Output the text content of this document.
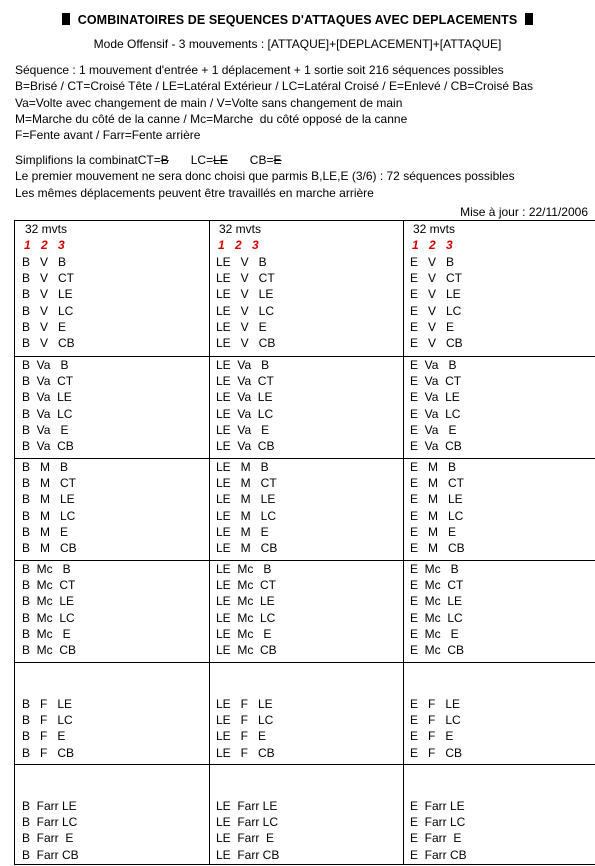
COMBINATOIRES DE SEQUENCES D'ATTAQUES AVEC DEPLACEMENTS
Mode Offensif - 3 mouvements : [ATTAQUE]+[DEPLACEMENT]+[ATTAQUE]
Séquence : 1 mouvement d'entrée + 1 déplacement + 1 sortie soit 216 séquences possibles
B=Brisé / CT=Croisé Tête / LE=Latéral Extérieur / LC=Latéral Croisé / E=Enlevé / CB=Croisé Bas
Va=Volte avec changement de main / V=Volte sans changement de main
M=Marche du côté de la canne / Mc=Marche  du côté opposé de la canne
F=Fente avant / Farr=Fente arrière
Simplifions la combinatCT=B LC=LE CB=E
Le premier mouvement ne sera donc choisi que parmis B,LE,E (3/6) : 72 séquences possibles
Les mêmes déplacements peuvent être travaillés en marche arrière
Mise à jour : 22/11/2006
32 mvts
1 2 3
B   V   B
B   V   CT
B   V   LE
B   V   LC
B   V   E
B   V   CB
B  Va   B
B  Va  CT
B  Va  LE
B  Va  LC
B  Va   E
B  Va  CB
B   M   B
B   M   CT
B   M   LE
B   M   LC
B   M   E
B   M   CB
B  Mc   B
B  Mc  CT
B  Mc  LE
B  Mc  LC
B  Mc   E
B  Mc  CB
B   F   LE
B   F   LC
B   F   E
B   F   CB
B  Farr LE
B  Farr LC
B  Farr  E
B  Farr CB
32 mvts
1 2 3
LE   V   B
LE   V   CT
LE   V   LE
LE   V   LC
LE   V   E
LE   V   CB
LE  Va   B
LE  Va  CT
LE  Va  LE
LE  Va  LC
LE  Va   E
LE  Va  CB
LE   M   B
LE   M   CT
LE   M   LE
LE   M   LC
LE   M   E
LE   M   CB
LE  Mc   B
LE  Mc  CT
LE  Mc  LE
LE  Mc  LC
LE  Mc   E
LE  Mc  CB
LE   F   LE
LE   F   LC
LE   F   E
LE   F   CB
LE  Farr LE
LE  Farr LC
LE  Farr  E
LE  Farr CB
32 mvts
1 2 3
E   V   B
E   V   CT
E   V   LE
E   V   LC
E   V   E
E   V   CB
E  Va   B
E  Va  CT
E  Va  LE
E  Va  LC
E  Va   E
E  Va  CB
E   M   B
E   M   CT
E   M   LE
E   M   LC
E   M   E
E   M   CB
E  Mc   B
E  Mc  CT
E  Mc  LE
E  Mc  LC
E  Mc   E
E  Mc  CB
E   F   LE
E   F   LC
E   F   E
E   F   CB
E  Farr LE
E  Farr LC
E  Farr  E
E  Farr CB
